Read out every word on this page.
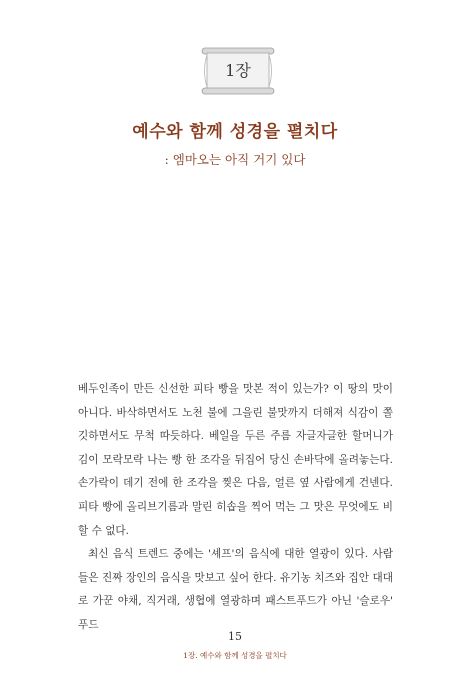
1장
예수와 함께 성경을 펼치다
: 엠마오는 아직 거기 있다

베두인족이 만든 신선한 피타 빵을 맛본 적이 있는가? 이 땅의 맛이 아니다. 바삭하면서도 노천 불에 그을린 불맛까지 더해져 식감이 쫄깃하면서도 무척 따듯하다. 베일을 두른 주름 자글자글한 할머니가 김이 모락모락 나는 빵 한 조각을 뒤집어 당신 손바닥에 올려놓는다. 손가락이 데기 전에 한 조각을 찢은 다음, 얼른 옆 사람에게 건넨다. 피타 빵에 올리브기름과 말린 히솝을 찍어 먹는 그 맛은 무엇에도 비할 수 없다.

최신 음식 트렌드 중에는 '셰프'의 음식에 대한 열광이 있다. 사람들은 진짜 장인의 음식을 맛보고 싶어 한다. 유기농 치즈와 집안 대대로 가꾼 야채, 직거래, 생협에 열광하며 패스트푸드가 아닌 '슬로우' 푸드

15
1장. 예수와 함께 성경을 펼치다
